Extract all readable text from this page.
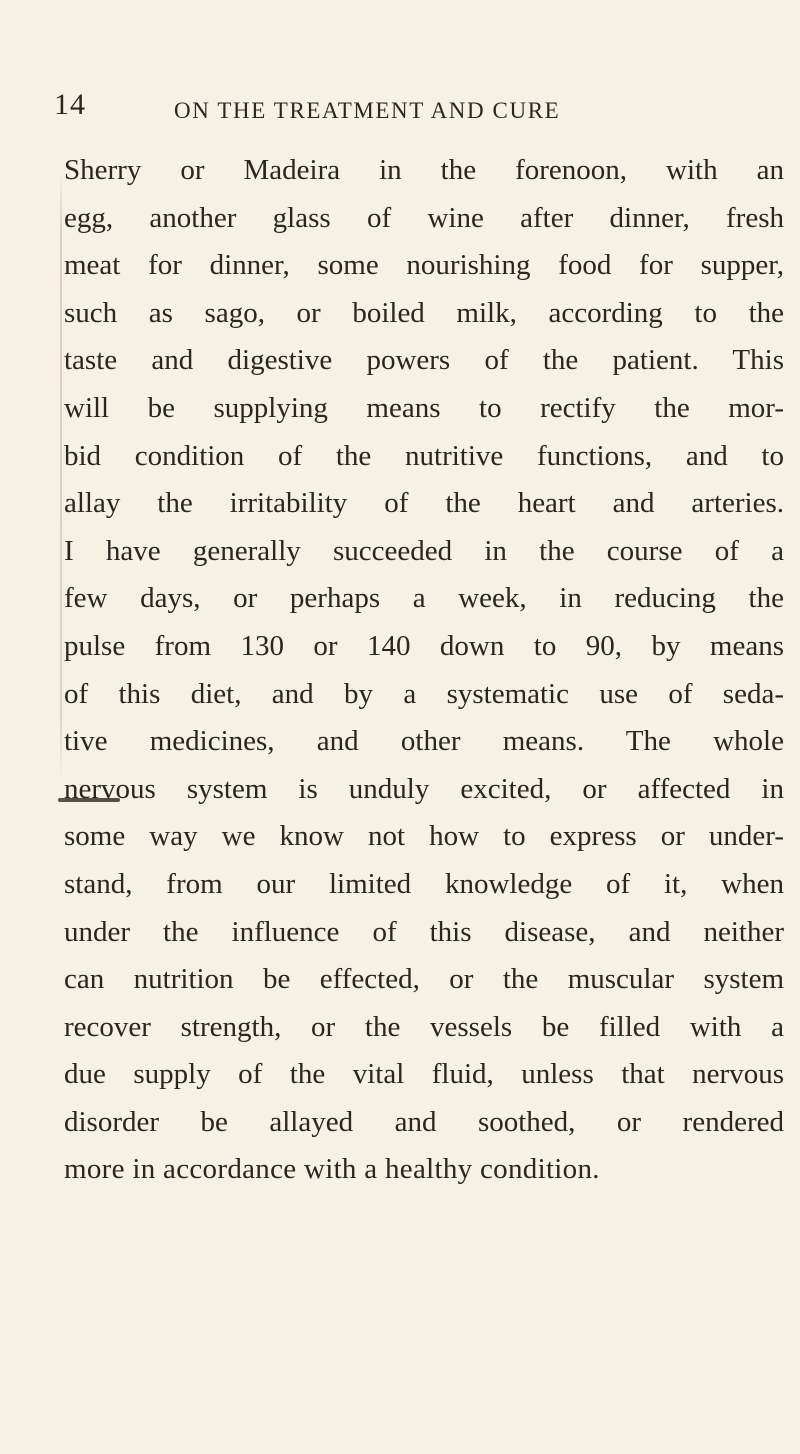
14	ON THE TREATMENT AND CURE
Sherry or Madeira in the forenoon, with an
egg, another glass of wine after dinner, fresh
meat for dinner, some nourishing food for supper,
such as sago, or boiled milk, according to the
taste and digestive powers of the patient. This
will be supplying means to rectify the mor-
bid condition of the nutritive functions, and to
allay the irritability of the heart and arteries.
I have generally succeeded in the course of a
few days, or perhaps a week, in reducing the
pulse from 130 or 140 down to 90, by means
of this diet, and by a systematic use of seda-
tive medicines, and other means. The whole
nervous system is unduly excited, or affected in
some way we know not how to express or under-
stand, from our limited knowledge of it, when
under the influence of this disease, and neither
can nutrition be effected, or the muscular system
recover strength, or the vessels be filled with a
due supply of the vital fluid, unless that nervous
disorder be allayed and soothed, or rendered
more in accordance with a healthy condition.
